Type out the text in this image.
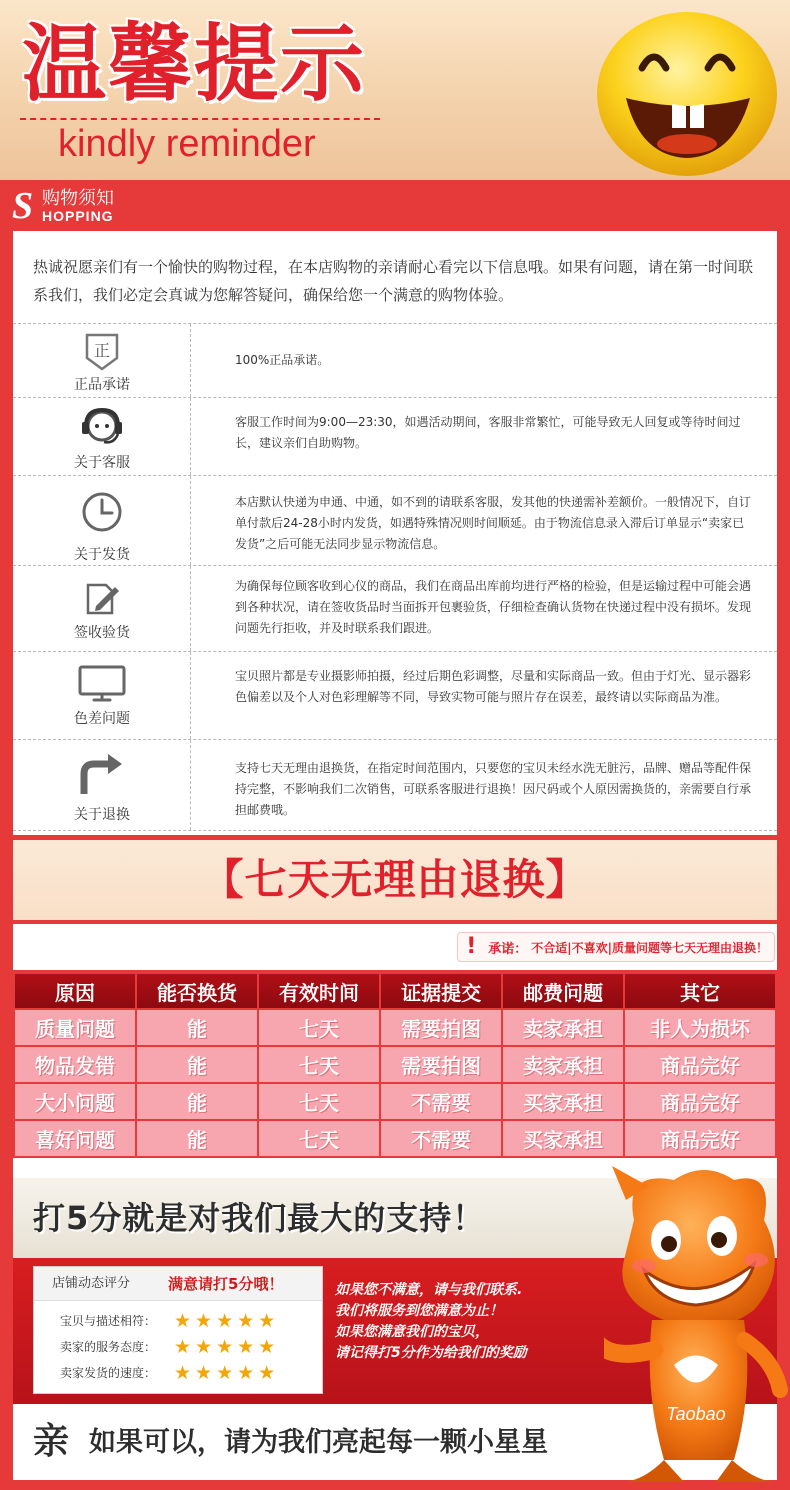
温馨提示
kindly reminder
S 购物须知
HOPPING
热诚祝愿亲们有一个愉快的购物过程，在本店购物的亲请耐心看完以下信息哦。如果有问题，请在第一时间联系我们，我们必定会真诚为您解答疑问，确保给您一个满意的购物体验。
正
正品承诺
100%正品承诺。
关于客服
客服工作时间为9:00—23:30，如遇活动期间，客服非常繁忙，可能导致无人回复或等待时间过长，建议亲们自助购物。
关于发货
本店默认快递为申通、中通，如不到的请联系客服，发其他的快递需补差额价。一般情况下，自订单付款后24-28小时内发货，如遇特殊情况则时间顺延。由于物流信息录入滞后订单显示“卖家已发货”之后可能无法同步显示物流信息。
签收验货
为确保每位顾客收到心仪的商品，我们在商品出库前均进行严格的检验，但是运输过程中可能会遇到各种状况，请在签收货品时当面拆开包裹验货，仔细检查确认货物在快递过程中没有损坏。发现问题先行拒收，并及时联系我们跟进。
色差问题
宝贝照片都是专业摄影师拍摄，经过后期色彩调整，尽量和实际商品一致。但由于灯光、显示器彩色偏差以及个人对色彩理解等不同，导致实物可能与照片存在误差，最终请以实际商品为准。
关于退换
支持七天无理由退换货，在指定时间范围内，只要您的宝贝未经水洗无脏污，品牌、赠品等配件保持完整，不影响我们二次销售，可联系客服进行退换！因尺码或个人原因需换货的，亲需要自行承担邮费哦。
【七天无理由退换】
! 承诺： 不合适|不喜欢|质量问题等七天无理由退换！
原因	能否换货	有效时间	证据提交	邮费问题	其它
质量问题	能	七天	需要拍图	卖家承担	非人为损坏
物品发错	能	七天	需要拍图	卖家承担	商品完好
大小问题	能	七天	不需要	买家承担	商品完好
喜好问题	能	七天	不需要	买家承担	商品完好
打5分就是对我们最大的支持！
店铺动态评分	满意请打5分哦！
宝贝与描述相符： ★★★★★
卖家的服务态度： ★★★★★
卖家发货的速度： ★★★★★
如果您不满意，请与我们联系.
我们将服务到您满意为止！
如果您满意我们的宝贝，
请记得打5分作为给我们的奖励
亲 如果可以，请为我们亮起每一颗小星星
Taobao
